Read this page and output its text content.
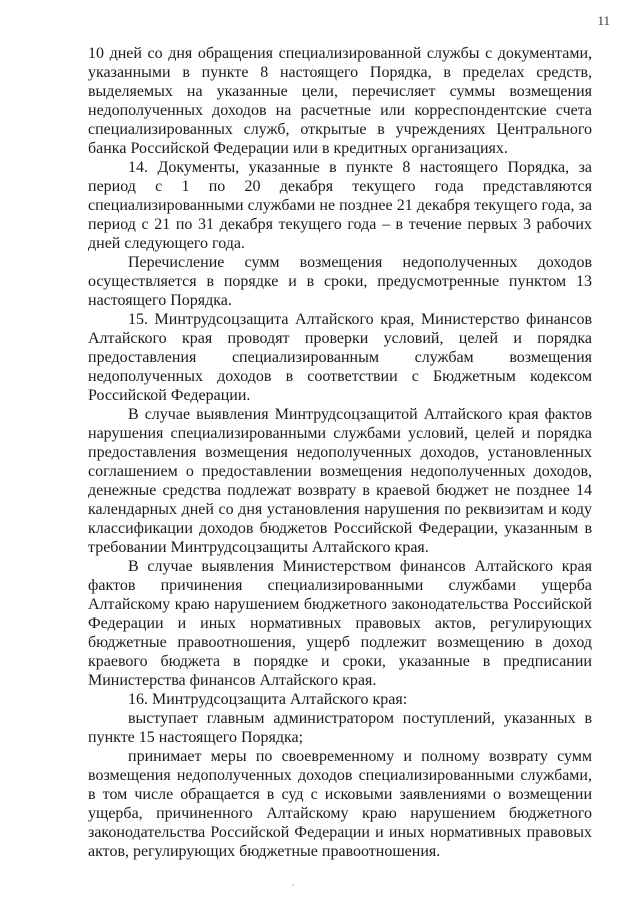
11

10 дней со дня обращения специализированной службы с документами, указанными в пункте 8 настоящего Порядка, в пределах средств, выделяемых на указанные цели, перечисляет суммы возмещения недополученных доходов на расчетные или корреспондентские счета специализированных служб, открытые в учреждениях Центрального банка Российской Федерации или в кредитных организациях.

14. Документы, указанные в пункте 8 настоящего Порядка, за период с 1 по 20 декабря текущего года представляются специализированными службами не позднее 21 декабря текущего года, за период с 21 по 31 декабря текущего года – в течение первых 3 рабочих дней следующего года.

Перечисление сумм возмещения недополученных доходов осуществляется в порядке и в сроки, предусмотренные пунктом 13 настоящего Порядка.

15. Минтрудсоцзащита Алтайского края, Министерство финансов Алтайского края проводят проверки условий, целей и порядка предоставления специализированным службам возмещения недополученных доходов в соответствии с Бюджетным кодексом Российской Федерации.

В случае выявления Минтрудсоцзащитой Алтайского края фактов нарушения специализированными службами условий, целей и порядка предоставления возмещения недополученных доходов, установленных соглашением о предоставлении возмещения недополученных доходов, денежные средства подлежат возврату в краевой бюджет не позднее 14 календарных дней со дня установления нарушения по реквизитам и коду классификации доходов бюджетов Российской Федерации, указанным в требовании Минтрудсоцзащиты Алтайского края.

В случае выявления Министерством финансов Алтайского края фактов причинения специализированными службами ущерба Алтайскому краю нарушением бюджетного законодательства Российской Федерации и иных нормативных правовых актов, регулирующих бюджетные правоотношения, ущерб подлежит возмещению в доход краевого бюджета в порядке и сроки, указанные в предписании Министерства финансов Алтайского края.

16. Минтрудсоцзащита Алтайского края:

выступает главным администратором поступлений, указанных в пункте 15 настоящего Порядка;

принимает меры по своевременному и полному возврату сумм возмещения недополученных доходов специализированными службами, в том числе обращается в суд с исковыми заявлениями о возмещении ущерба, причиненного Алтайскому краю нарушением бюджетного законодательства Российской Федерации и иных нормативных правовых актов, регулирующих бюджетные правоотношения.
